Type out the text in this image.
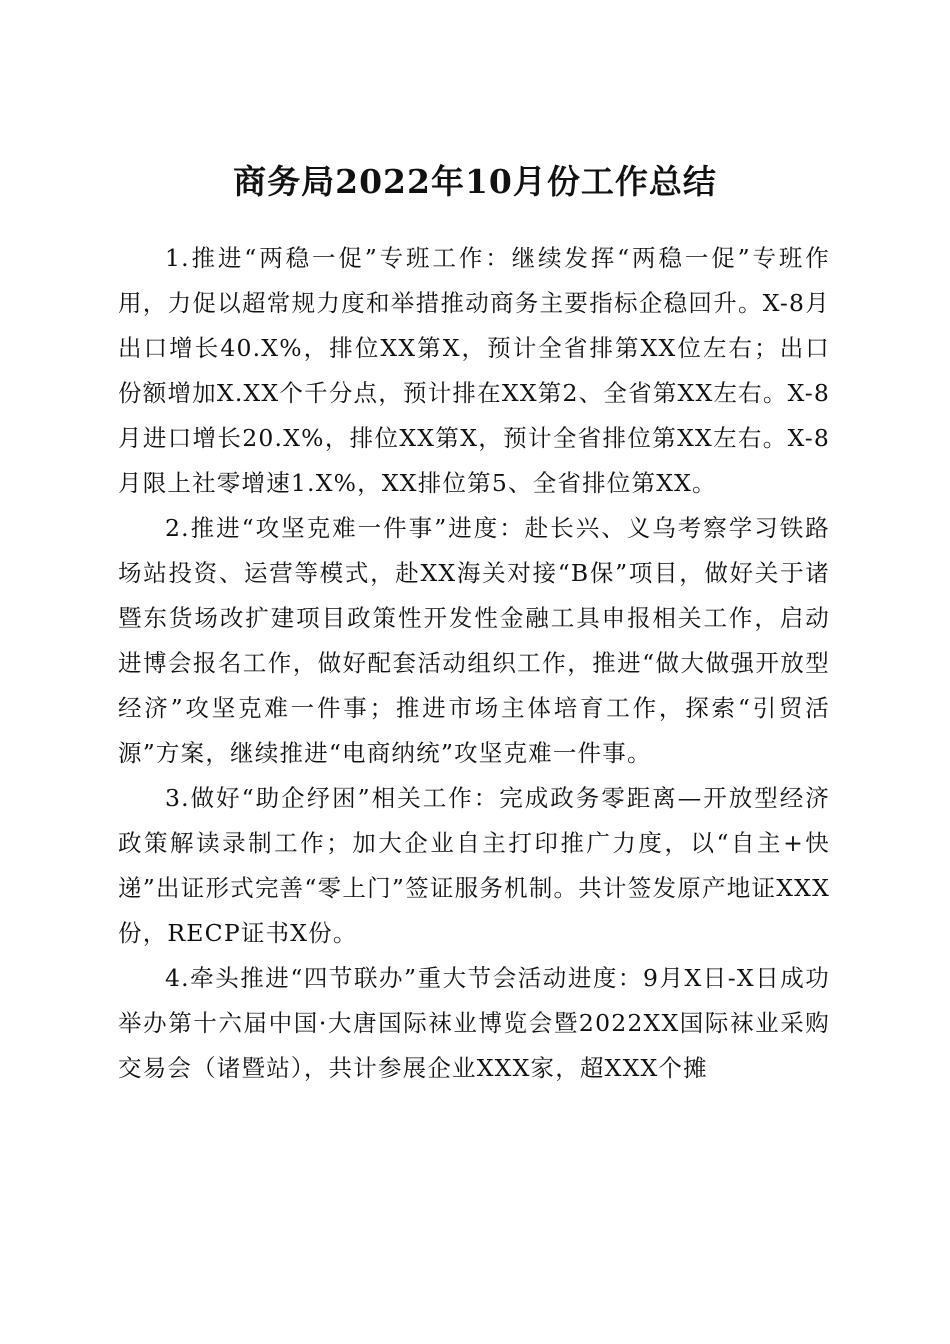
商务局2022年10月份工作总结

1.推进“两稳一促”专班工作：继续发挥“两稳一促”专班作用，力促以超常规力度和举措推动商务主要指标企稳回升。X-8月出口增长40.X%，排位XX第X，预计全省排第XX位左右；出口份额增加X.XX个千分点，预计排在XX第2、全省第XX左右。X-8月进口增长20.X%，排位XX第X，预计全省排位第XX左右。X-8月限上社零增速1.X%，XX排位第5、全省排位第XX。

2.推进“攻坚克难一件事”进度：赴长兴、义乌考察学习铁路场站投资、运营等模式，赴XX海关对接“B保”项目，做好关于诸暨东货场改扩建项目政策性开发性金融工具申报相关工作，启动进博会报名工作，做好配套活动组织工作，推进“做大做强开放型经济”攻坚克难一件事；推进市场主体培育工作，探索“引贸活源”方案，继续推进“电商纳统”攻坚克难一件事。

3.做好“助企纾困”相关工作：完成政务零距离—开放型经济政策解读录制工作；加大企业自主打印推广力度，以“自主+快递”出证形式完善“零上门”签证服务机制。共计签发原产地证XXX份，RECP证书X份。

4.牵头推进“四节联办”重大节会活动进度：9月X日-X日成功举办第十六届中国·大唐国际袜业博览会暨2022XX国际袜业采购交易会（诸暨站），共计参展企业XXX家，超XXX个摊
